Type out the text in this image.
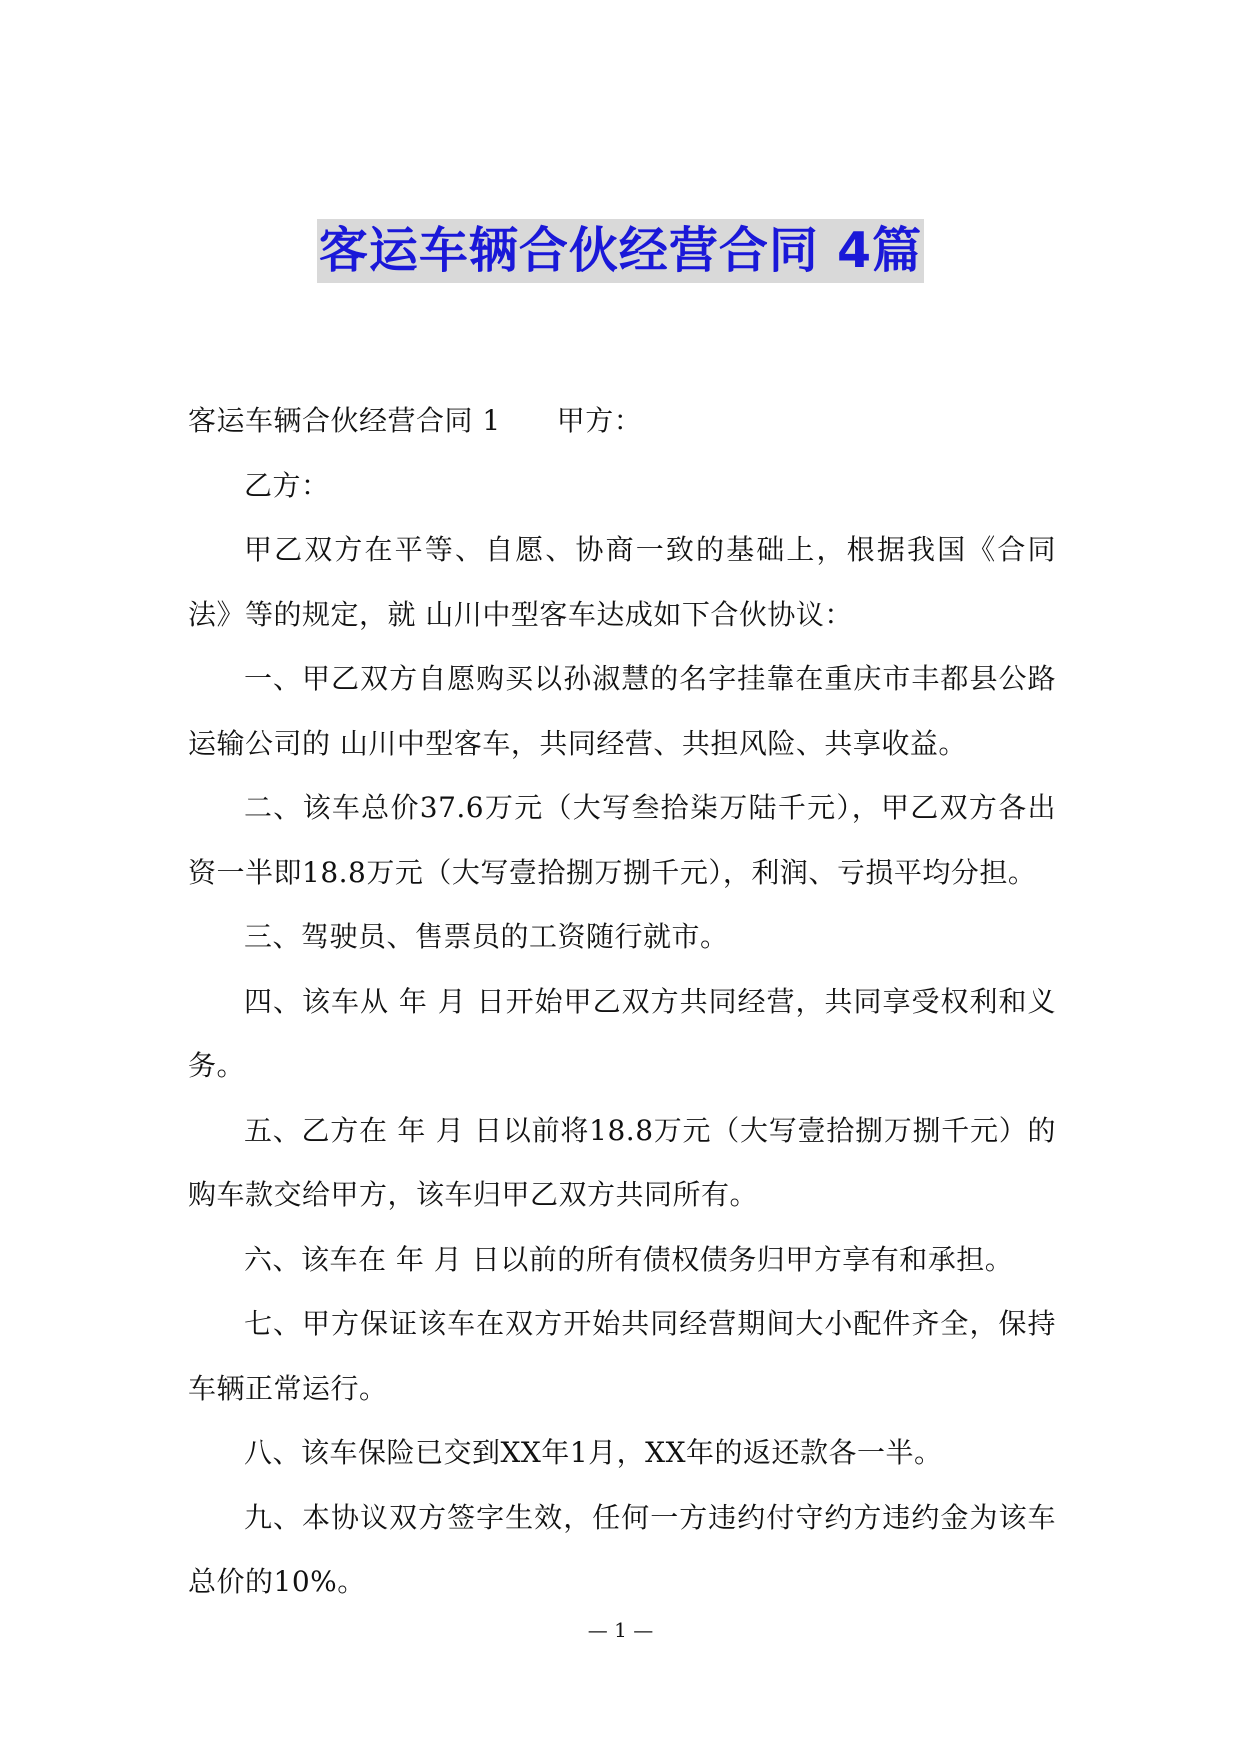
客运车辆合伙经营合同 4篇

客运车辆合伙经营合同 1 甲方：

乙方：

甲乙双方在平等、自愿、协商一致的基础上，根据我国《合同法》等的规定，就 山川中型客车达成如下合伙协议：

一、甲乙双方自愿购买以孙淑慧的名字挂靠在重庆市丰都县公路运输公司的 山川中型客车，共同经营、共担风险、共享收益。

二、该车总价37.6万元（大写叁拾柒万陆千元），甲乙双方各出资一半即18.8万元（大写壹拾捌万捌千元），利润、亏损平均分担。

三、驾驶员、售票员的工资随行就市。

四、该车从 年 月 日开始甲乙双方共同经营，共同享受权利和义务。

五、乙方在 年 月 日以前将18.8万元（大写壹拾捌万捌千元）的购车款交给甲方，该车归甲乙双方共同所有。

六、该车在 年 月 日以前的所有债权债务归甲方享有和承担。

七、甲方保证该车在双方开始共同经营期间大小配件齐全，保持车辆正常运行。

八、该车保险已交到XX年1月，XX年的返还款各一半。

九、本协议双方签字生效，任何一方违约付守约方违约金为该车总价的10%。

— 1 —
